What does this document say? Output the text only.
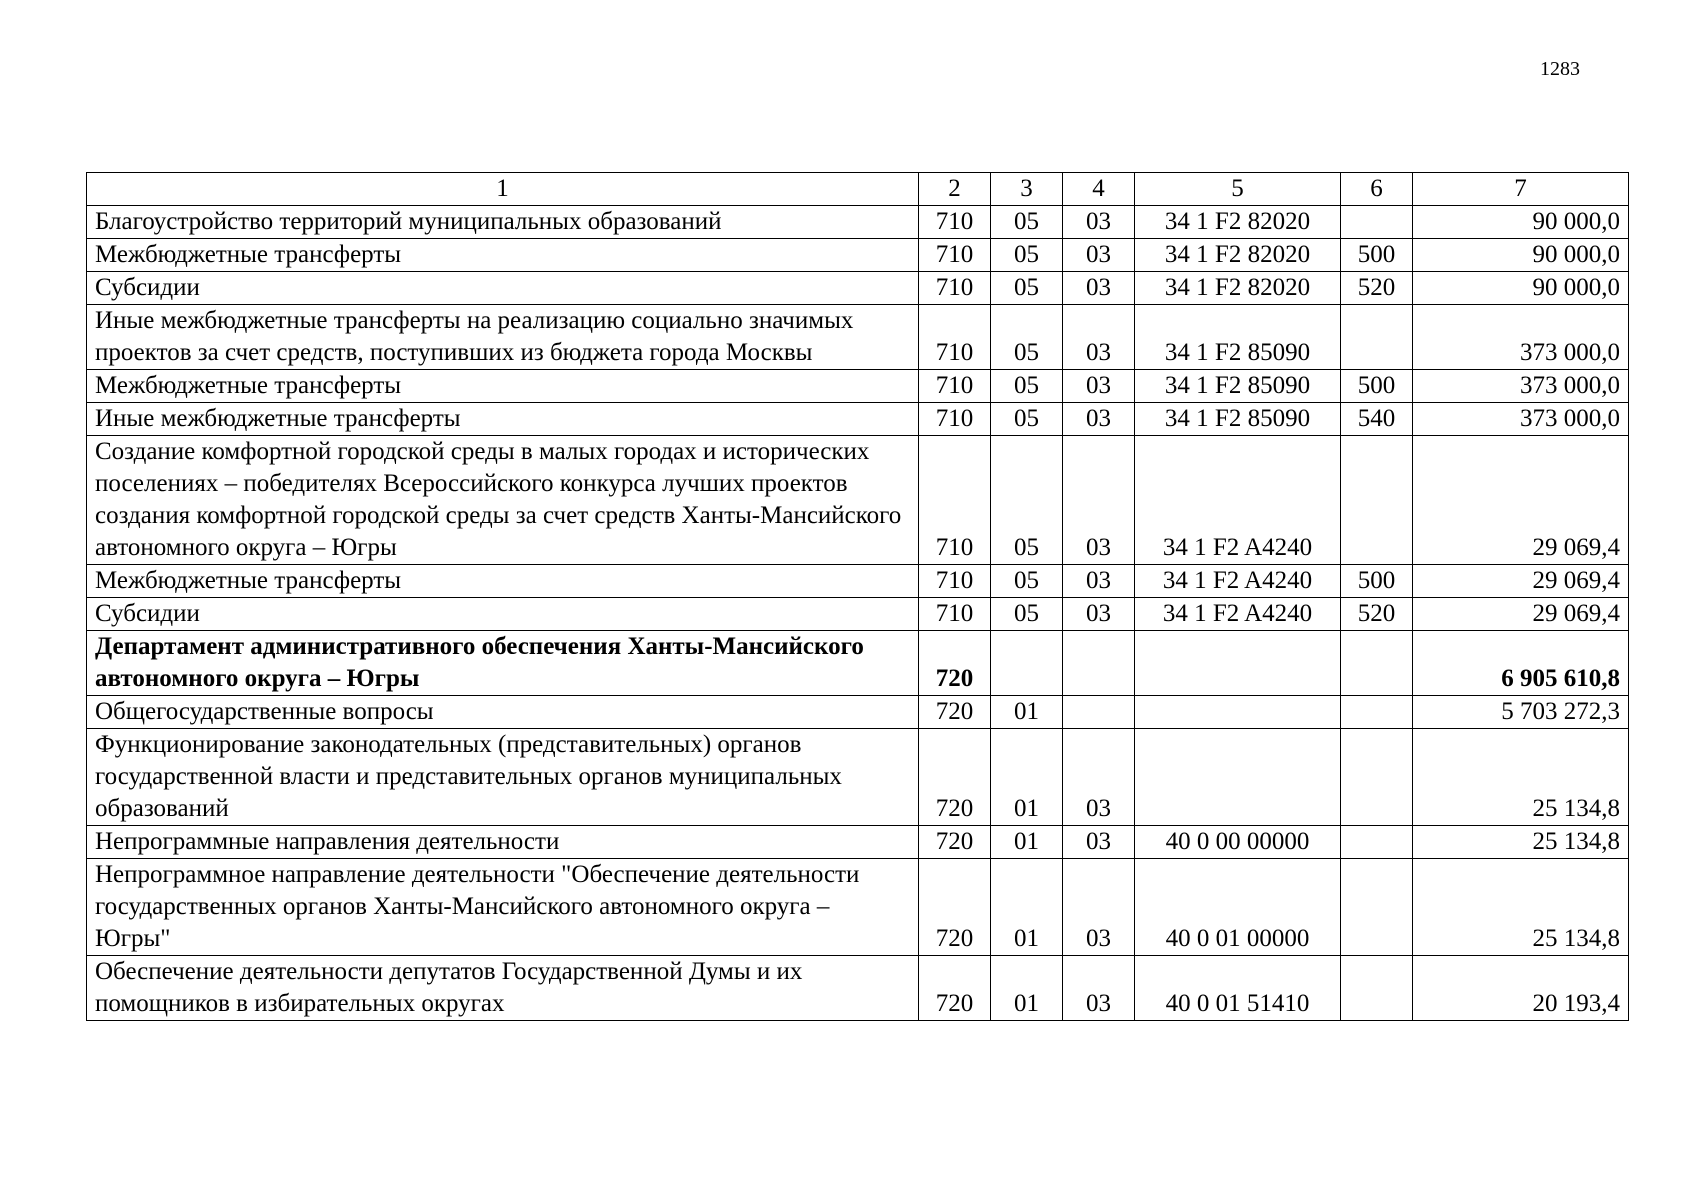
1283
1	2	3	4	5	6	7
Благоустройство территорий муниципальных образований	710	05	03	34 1 F2 82020		90 000,0
Межбюджетные трансферты	710	05	03	34 1 F2 82020	500	90 000,0
Субсидии	710	05	03	34 1 F2 82020	520	90 000,0
Иные межбюджетные трансферты на реализацию социально значимых проектов за счет средств, поступивших из бюджета города Москвы	710	05	03	34 1 F2 85090		373 000,0
Межбюджетные трансферты	710	05	03	34 1 F2 85090	500	373 000,0
Иные межбюджетные трансферты	710	05	03	34 1 F2 85090	540	373 000,0
Создание комфортной городской среды в малых городах и исторических поселениях – победителях Всероссийского конкурса лучших проектов создания комфортной городской среды за счет средств Ханты-Мансийского автономного округа – Югры	710	05	03	34 1 F2 A4240		29 069,4
Межбюджетные трансферты	710	05	03	34 1 F2 A4240	500	29 069,4
Субсидии	710	05	03	34 1 F2 A4240	520	29 069,4
Департамент административного обеспечения Ханты-Мансийского автономного округа – Югры	720					6 905 610,8
Общегосударственные вопросы	720	01				5 703 272,3
Функционирование законодательных (представительных) органов государственной власти и представительных органов муниципальных образований	720	01	03			25 134,8
Непрограммные направления деятельности	720	01	03	40 0 00 00000		25 134,8
Непрограммное направление деятельности "Обеспечение деятельности государственных органов Ханты-Мансийского автономного округа – Югры"	720	01	03	40 0 01 00000		25 134,8
Обеспечение деятельности депутатов Государственной Думы и их помощников в избирательных округах	720	01	03	40 0 01 51410		20 193,4
